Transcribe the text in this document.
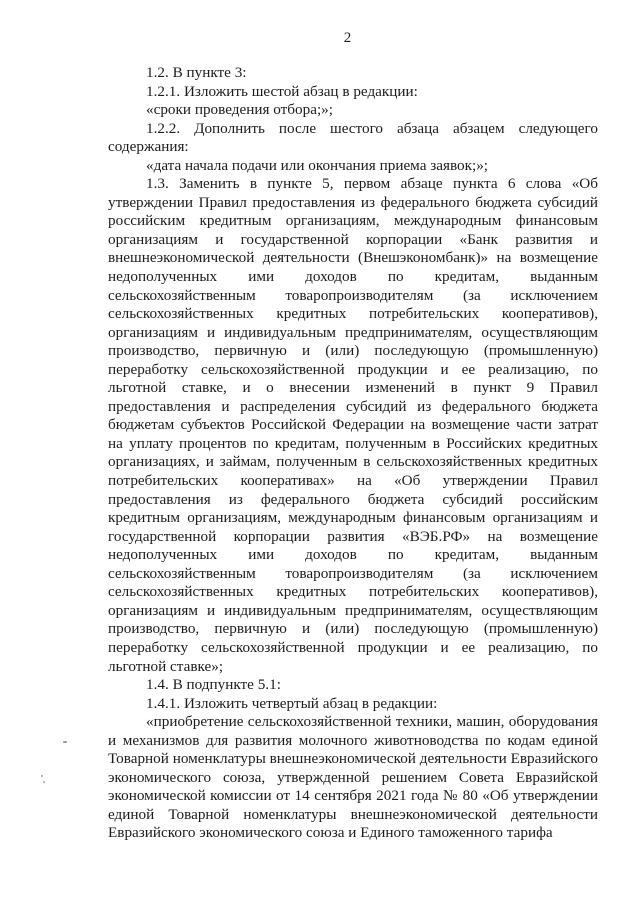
2

1.2. В пункте 3:

1.2.1. Изложить шестой абзац в редакции:

«сроки проведения отбора;»;

1.2.2. Дополнить после шестого абзаца абзацем следующего содержания:

«дата начала подачи или окончания приема заявок;»;

1.3. Заменить в пункте 5, первом абзаце пункта 6 слова «Об утверждении Правил предоставления из федерального бюджета субсидий российским кредитным организациям, международным финансовым организациям и государственной корпорации «Банк развития и внешнеэкономической деятельности (Внешэкономбанк)» на возмещение недополученных ими доходов по кредитам, выданным сельскохозяйственным товаропроизводителям (за исключением сельскохозяйственных кредитных потребительских кооперативов), организациям и индивидуальным предпринимателям, осуществляющим производство, первичную и (или) последующую (промышленную) переработку сельскохозяйственной продукции и ее реализацию, по льготной ставке, и о внесении изменений в пункт 9 Правил предоставления и распределения субсидий из федерального бюджета бюджетам субъектов Российской Федерации на возмещение части затрат на уплату процентов по кредитам, полученным в Российских кредитных организациях, и займам, полученным в сельскохозяйственных кредитных потребительских кооперативах» на «Об утверждении Правил предоставления из федерального бюджета субсидий российским кредитным организациям, международным финансовым организациям и государственной корпорации развития «ВЭБ.РФ» на возмещение недополученных ими доходов по кредитам, выданным сельскохозяйственным товаропроизводителям (за исключением сельскохозяйственных кредитных потребительских кооперативов), организациям и индивидуальным предпринимателям, осуществляющим производство, первичную и (или) последующую (промышленную) переработку сельскохозяйственной продукции и ее реализацию, по льготной ставке»;

1.4. В подпункте 5.1:

1.4.1. Изложить четвертый абзац в редакции:

«приобретение сельскохозяйственной техники, машин, оборудования и механизмов для развития молочного животноводства по кодам единой Товарной номенклатуры внешнеэкономической деятельности Евразийского экономического союза, утвержденной решением Совета Евразийской экономической комиссии от 14 сентября 2021 года № 80 «Об утверждении единой Товарной номенклатуры внешнеэкономической деятельности Евразийского экономического союза и Единого таможенного тарифа
